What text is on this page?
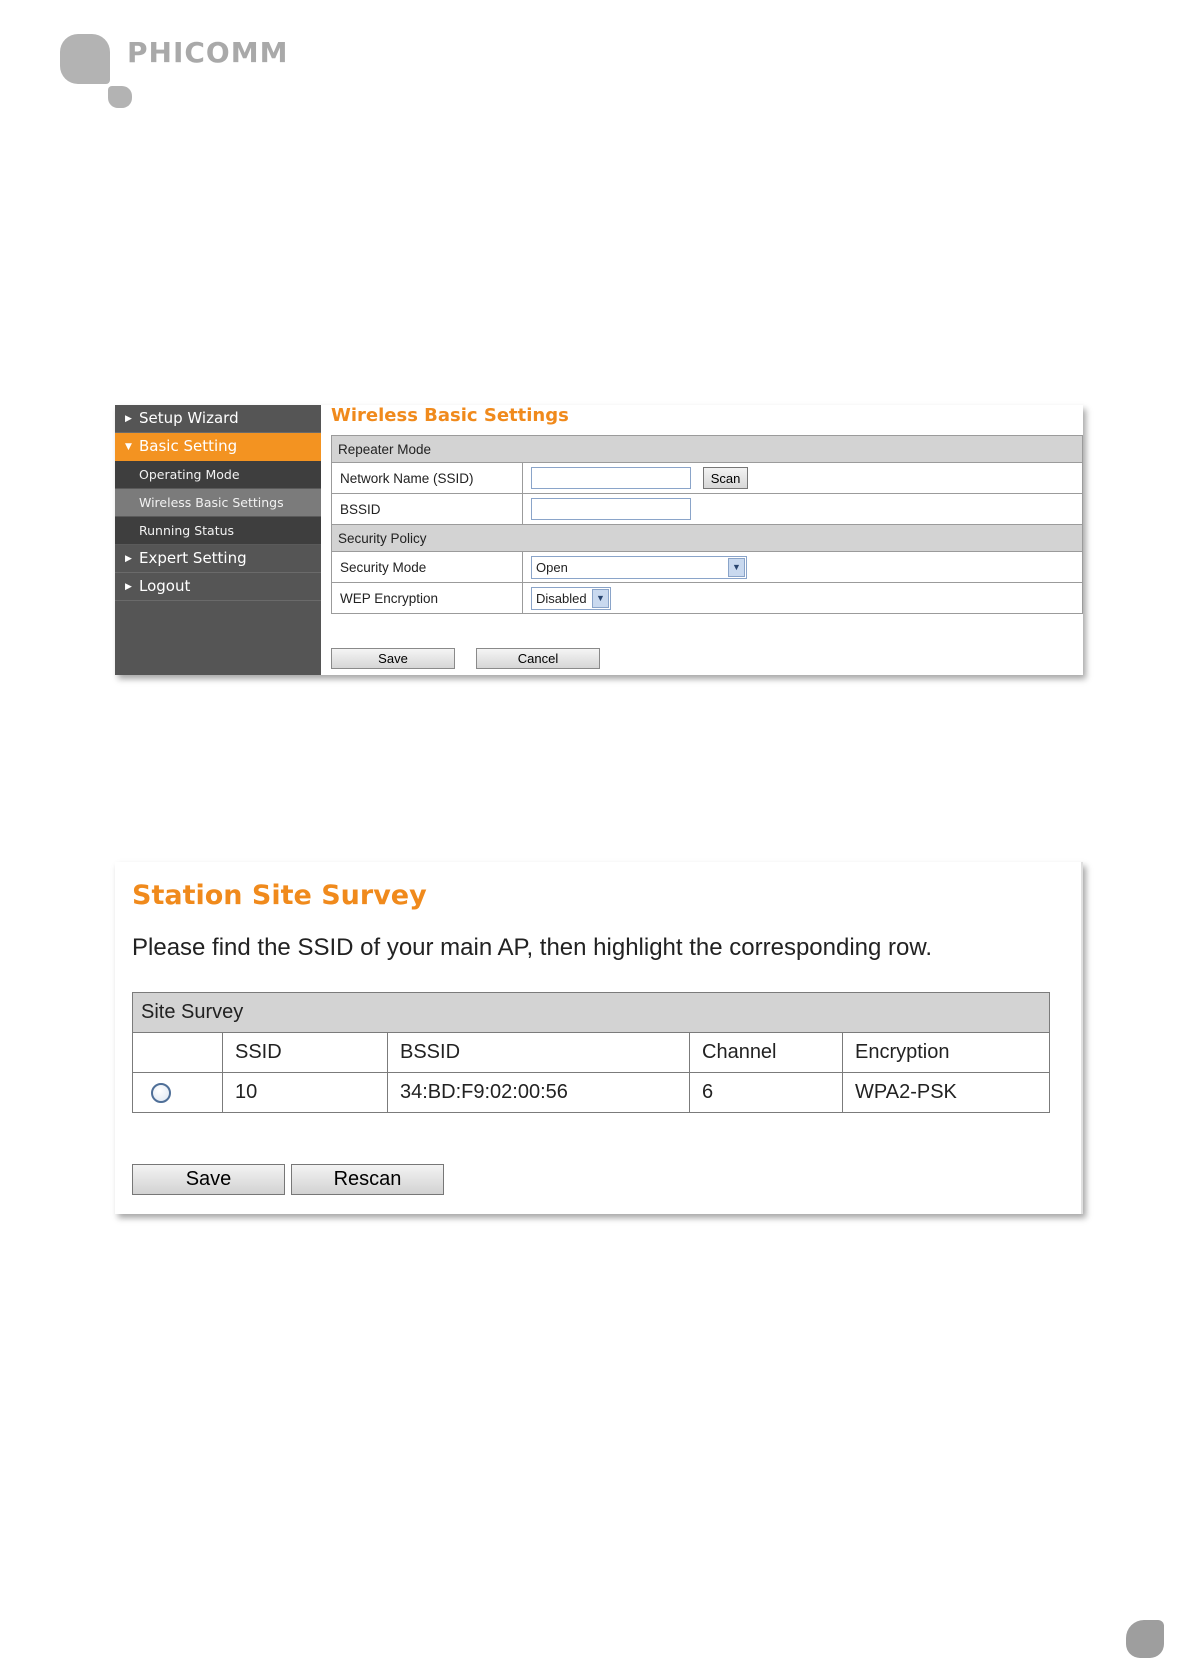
PHICOMM
▶ Setup Wizard
▼ Basic Setting
Operating Mode
Wireless Basic Settings
Running Status
▶ Expert Setting
▶ Logout
Wireless Basic Settings
Repeater Mode	
Network Name (SSID)	Scan
BSSID	
Security Policy	
Security Mode	Open ▼

WEP Encryption	Disabled ▼
Save	Cancel
Station Site Survey
Please find the SSID of your main AP, then highlight the corresponding row.
Site Survey				
	SSID	BSSID	Channel	Encryption
	10	34:BD:F9:02:00:56	6	WPA2-PSK
Save	Rescan
